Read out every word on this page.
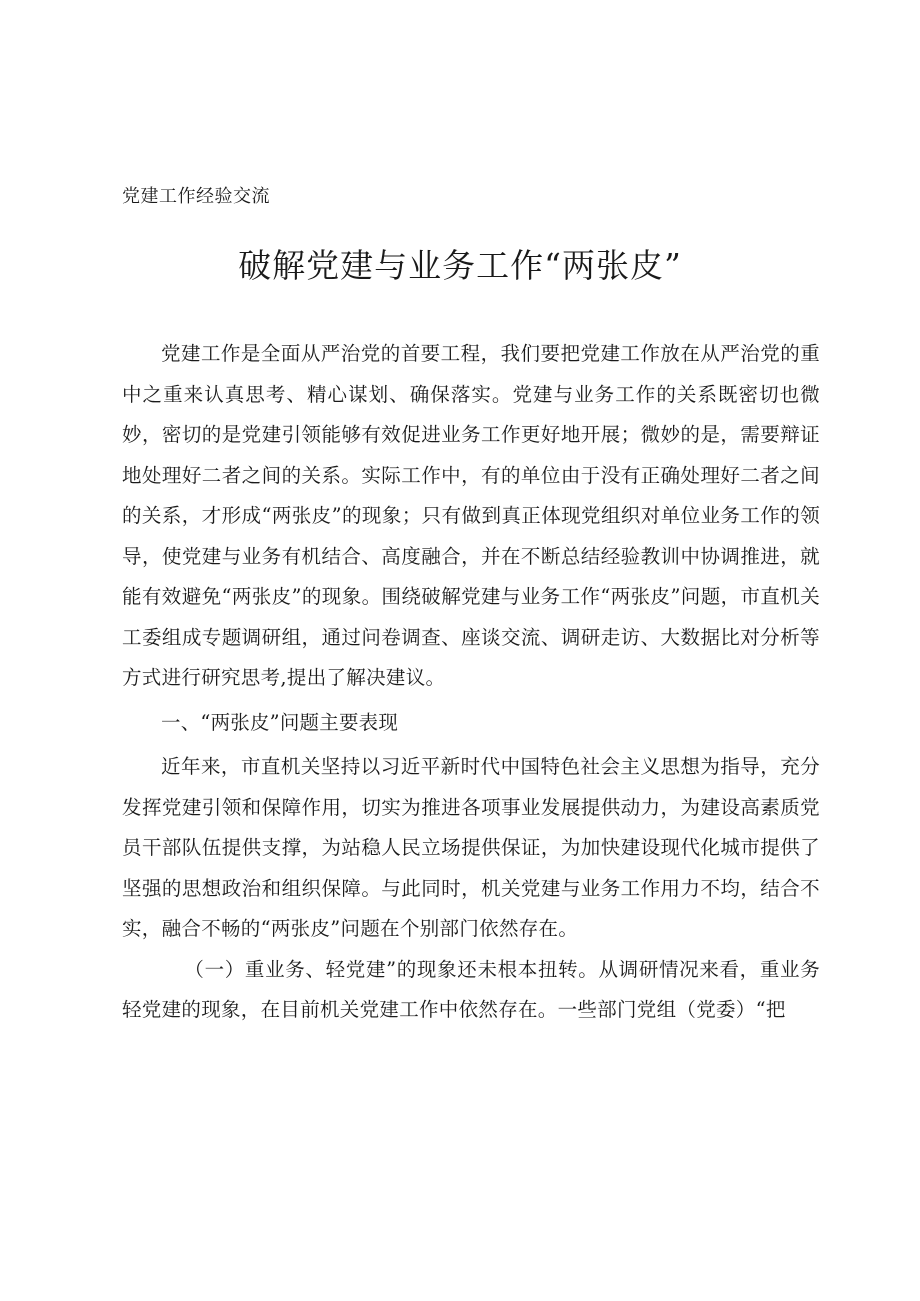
党建工作经验交流
破解党建与业务工作“两张皮”

党建工作是全面从严治党的首要工程，我们要把党建工作放在从严治党的重中之重来认真思考、精心谋划、确保落实。党建与业务工作的关系既密切也微妙，密切的是党建引领能够有效促进业务工作更好地开展；微妙的是，需要辩证地处理好二者之间的关系。实际工作中，有的单位由于没有正确处理好二者之间的关系，才形成“两张皮”的现象；只有做到真正体现党组织对单位业务工作的领导，使党建与业务有机结合、高度融合，并在不断总结经验教训中协调推进，就能有效避免“两张皮”的现象。围绕破解党建与业务工作“两张皮”问题，市直机关工委组成专题调研组，通过问卷调查、座谈交流、调研走访、大数据比对分析等方式进行研究思考,提出了解决建议。

一、“两张皮”问题主要表现

近年来，市直机关坚持以习近平新时代中国特色社会主义思想为指导，充分发挥党建引领和保障作用，切实为推进各项事业发展提供动力，为建设高素质党员干部队伍提供支撑，为站稳人民立场提供保证，为加快建设现代化城市提供了坚强的思想政治和组织保障。与此同时，机关党建与业务工作用力不均，结合不实，融合不畅的“两张皮”问题在个别部门依然存在。

（一）重业务、轻党建”的现象还未根本扭转。从调研情况来看，重业务轻党建的现象，在目前机关党建工作中依然存在。一些部门党组（党委）“把
